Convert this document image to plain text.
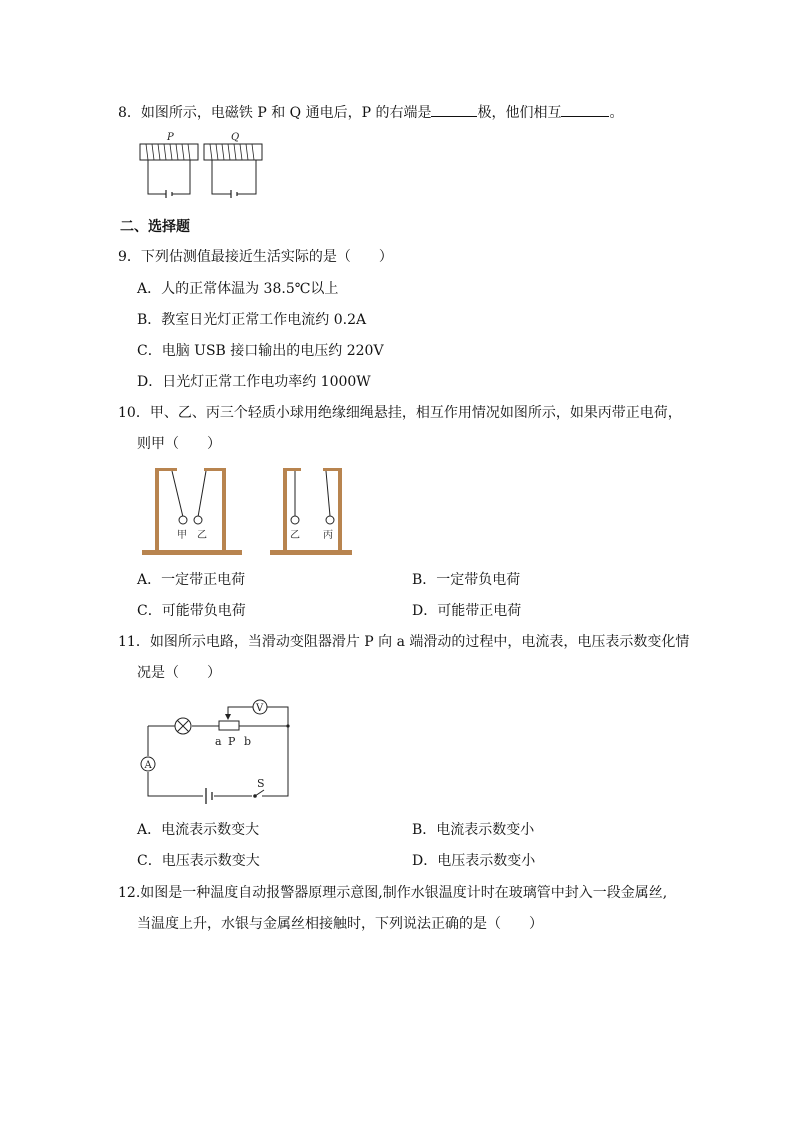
8．如图所示，电磁铁 P 和 Q 通电后，P 的右端是	极，他们相互	。
P	Q
二、选择题
9．下列估测值最接近生活实际的是（　　）
A．人的正常体温为 38.5℃以上
B．教室日光灯正常工作电流约 0.2A
C．电脑 USB 接口输出的电压约 220V
D．日光灯正常工作电功率约 1000W
10．甲、乙、丙三个轻质小球用绝缘细绳悬挂，相互作用情况如图所示，如果丙带正电荷，
则甲（　　）
甲 乙	乙 丙
A．一定带正电荷	B．一定带负电荷
C．可能带负电荷	D．可能带正电荷
11．如图所示电路，当滑动变阻器滑片 P 向 a 端滑动的过程中，电流表，电压表示数变化情
况是（　　）
A
S
V
a P b
A．电流表示数变大	B．电流表示数变小
C．电压表示数变大	D．电压表示数变小
12.如图是一种温度自动报警器原理示意图,制作水银温度计时在玻璃管中封入一段金属丝,
当温度上升，水银与金属丝相接触时，下列说法正确的是（　　）
